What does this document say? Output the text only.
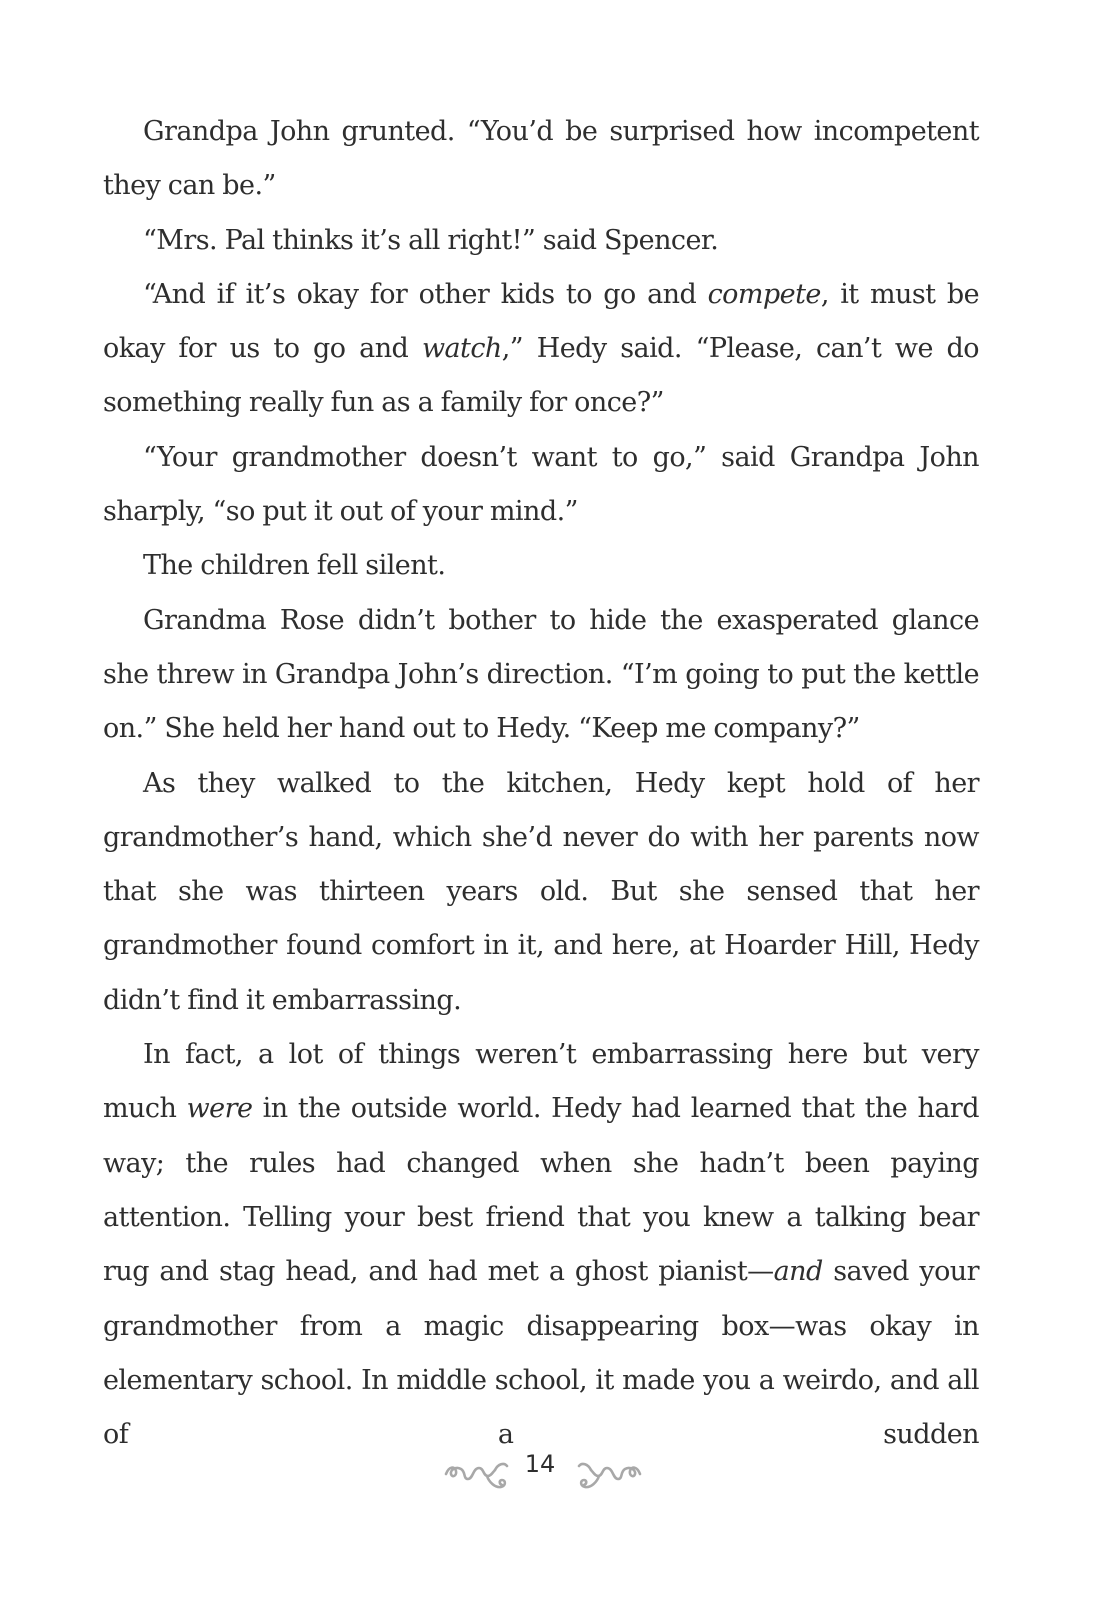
Grandpa John grunted. “You’d be surprised how incompetent they can be.”

“Mrs. Pal thinks it’s all right!” said Spencer.

“And if it’s okay for other kids to go and compete, it must be okay for us to go and watch,” Hedy said. “Please, can’t we do something really fun as a family for once?”

“Your grandmother doesn’t want to go,” said Grandpa John sharply, “so put it out of your mind.”

The children fell silent.

Grandma Rose didn’t bother to hide the exasperated glance she threw in Grandpa John’s direction. “I’m going to put the kettle on.” She held her hand out to Hedy. “Keep me company?”

As they walked to the kitchen, Hedy kept hold of her grandmother’s hand, which she’d never do with her parents now that she was thirteen years old. But she sensed that her grandmother found comfort in it, and here, at Hoarder Hill, Hedy didn’t find it embarrassing.

In fact, a lot of things weren’t embarrassing here but very much were in the outside world. Hedy had learned that the hard way; the rules had changed when she hadn’t been paying attention. Telling your best friend that you knew a talking bear rug and stag head, and had met a ghost pianist—and saved your grandmother from a magic disappearing box—was okay in elementary school. In middle school, it made you a weirdo, and all of a sudden

14
